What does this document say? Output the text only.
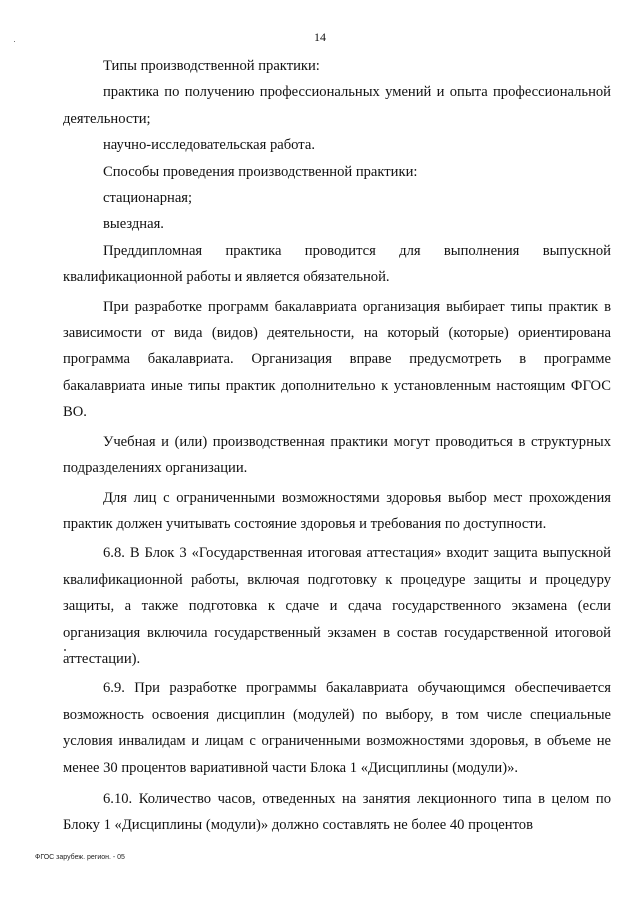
14

Типы производственной практики:

практика по получению профессиональных умений и опыта профессиональной деятельности;

научно-исследовательская работа.

Способы проведения производственной практики:

стационарная;

выездная.

Преддипломная практика проводится для выполнения выпускной квалификационной работы и является обязательной.

При разработке программ бакалавриата организация выбирает типы практик в зависимости от вида (видов) деятельности, на который (которые) ориентирована программа бакалавриата. Организация вправе предусмотреть в программе бакалавриата иные типы практик дополнительно к установленным настоящим ФГОС ВО.

Учебная и (или) производственная практики могут проводиться в структурных подразделениях организации.

Для лиц с ограниченными возможностями здоровья выбор мест прохождения практик должен учитывать состояние здоровья и требования по доступности.

6.8. В Блок 3 «Государственная итоговая аттестация» входит защита выпускной квалификационной работы, включая подготовку к процедуре защиты и процедуру защиты, а также подготовка к сдаче и сдача государственного экзамена (если организация включила государственный экзамен в состав государственной итоговой аттестации).

6.9. При разработке программы бакалавриата обучающимся обеспечивается возможность освоения дисциплин (модулей) по выбору, в том числе специальные условия инвалидам и лицам с ограниченными возможностями здоровья, в объеме не менее 30 процентов вариативной части Блока 1 «Дисциплины (модули)».

6.10. Количество часов, отведенных на занятия лекционного типа в целом по Блоку 1 «Дисциплины (модули)» должно составлять не более 40 процентов

ФГОС зарубеж. регион. - 05
